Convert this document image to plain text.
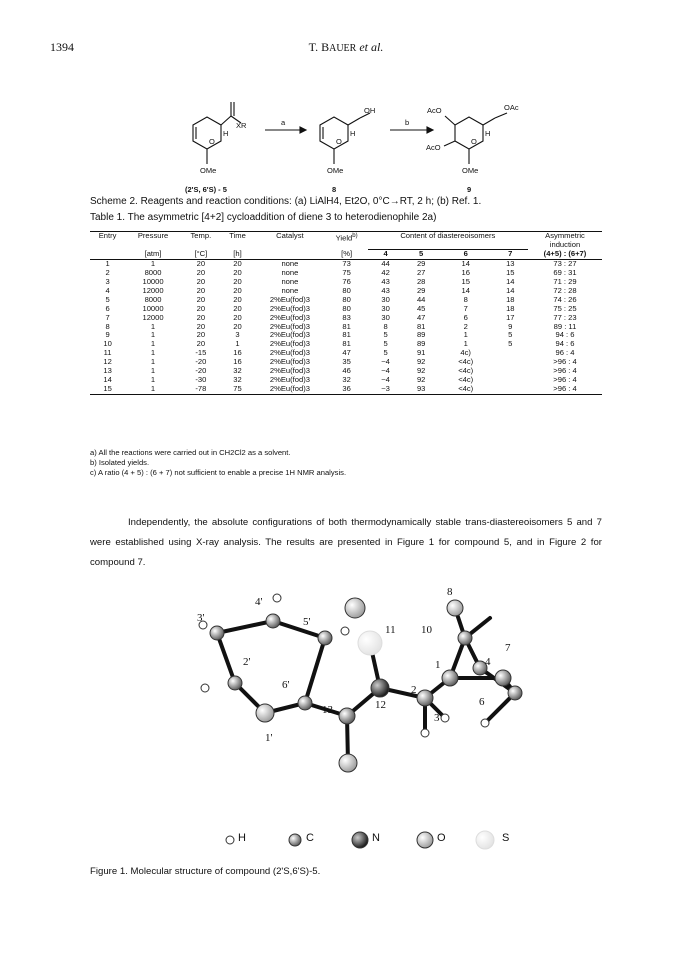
1394	T. BAUER et al.
XR	a	b
OH	AcO	OAc
AcO
OMe	OMe	OMe
O	O	O
H	H	H
(2'S, 6'S) - 5	8	9
Scheme 2. Reagents and reaction conditions: (a) LiAlH4, Et2O, 0°C→RT, 2 h; (b) Ref. 1.
Table 1. The asymmetric [4+2] cycloaddition of diene 3 to heterodienophile 2a)
Entry	Pressure	Temp.	Time	Catalyst	Yield$^{b)}$	Content of diastereoisomers				Asymmetric induction
	[atm]	[°C]	[h]		[%]	4	5	6	7	(4+5) : (6+7)
1	1	20	20	none	73	44	29	14	13	73 : 27
2	8000	20	20	none	75	42	27	16	15	69 : 31
3	10000	20	20	none	76	43	28	15	14	71 : 29
4	12000	20	20	none	80	43	29	14	14	72 : 28
5	8000	20	20	2%Eu(fod)3	80	30	44	8	18	74 : 26
6	10000	20	20	2%Eu(fod)3	80	30	45	7	18	75 : 25
7	12000	20	20	2%Eu(fod)3	83	30	47	6	17	77 : 23
8	1	20	20	2%Eu(fod)3	81	8	81	2	9	89 : 11
9	1	20	3	2%Eu(fod)3	81	5	89	1	5	94 : 6
10	1	20	1	2%Eu(fod)3	81	5	89	1	5	94 : 6
11	1	-15	16	2%Eu(fod)3	47	5	91	4c)		96 : 4
12	1	-20	16	2%Eu(fod)3	35	~4	92	<4c)		>96 : 4
13	1	-20	32	2%Eu(fod)3	46	~4	92	<4c)		>96 : 4
14	1	-30	32	2%Eu(fod)3	32	~4	92	<4c)		>96 : 4
15	1	-78	75	2%Eu(fod)3	36	~3	93	<4c)		>96 : 4
a) All the reactions were carried out in CH2Cl2 as a solvent.
b) Isolated yields.
c) A ratio (4 + 5) : (6 + 7) not sufficient to enable a precise 1H NMR analysis.

Independently, the absolute configurations of both thermodynamically stable trans-diastereoisomers 5 and 7 were established using X-ray analysis. The results are presented in Figure 1 for compound 5, and in Figure 2 for compound 7.

3'
4'
5'
2'
6'
1'
13	12
11 10
2
3
1	4
6
7
8
H	C	N	O	S
Figure 1. Molecular structure of compound (2'S,6'S)-5.
